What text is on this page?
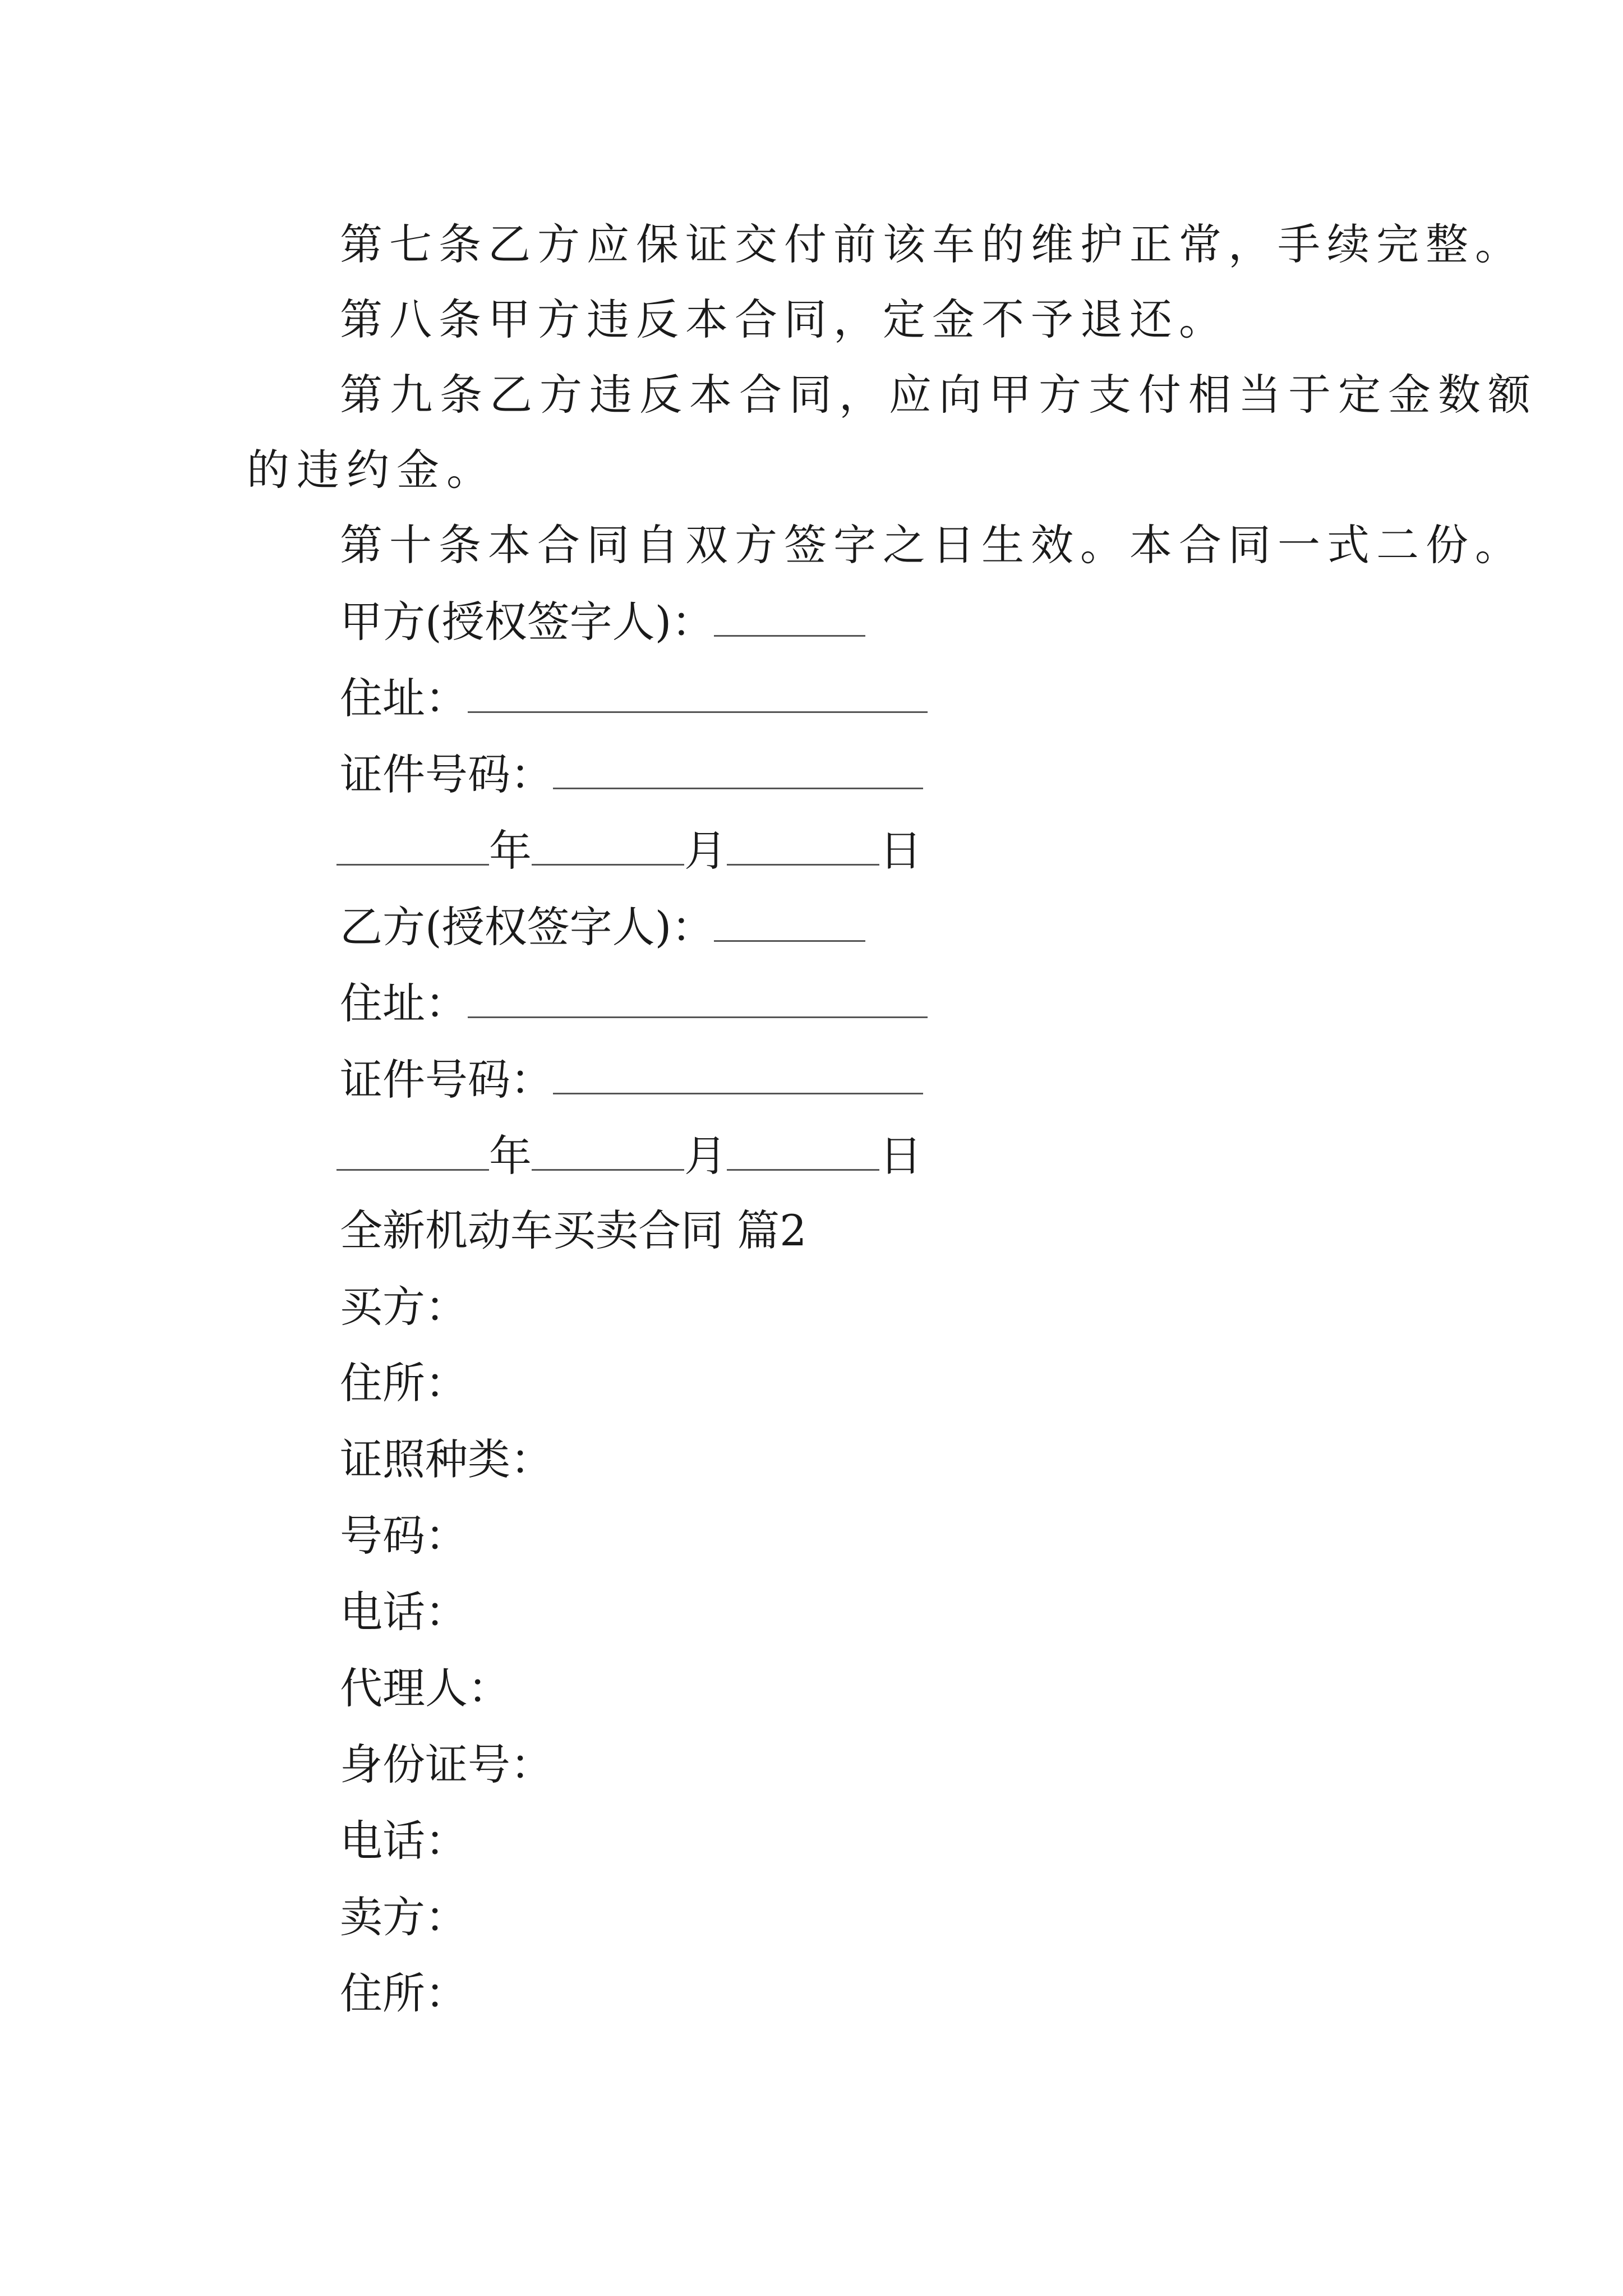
第七条乙方应保证交付前该车的维护正常，手续完整。
第八条甲方违反本合同，定金不予退还。
第九条乙方违反本合同，应向甲方支付相当于定金数额
的违约金。
第十条本合同自双方签字之日生效。本合同一式二份。
甲方(授权签字人)：
住址：
证件号码：
年	月	日
乙方(授权签字人)：
住址：
证件号码：
年	月	日
全新机动车买卖合同 篇2
买方：
住所：
证照种类：
号码：
电话：
代理人：
身份证号：
电话：
卖方：
住所：
